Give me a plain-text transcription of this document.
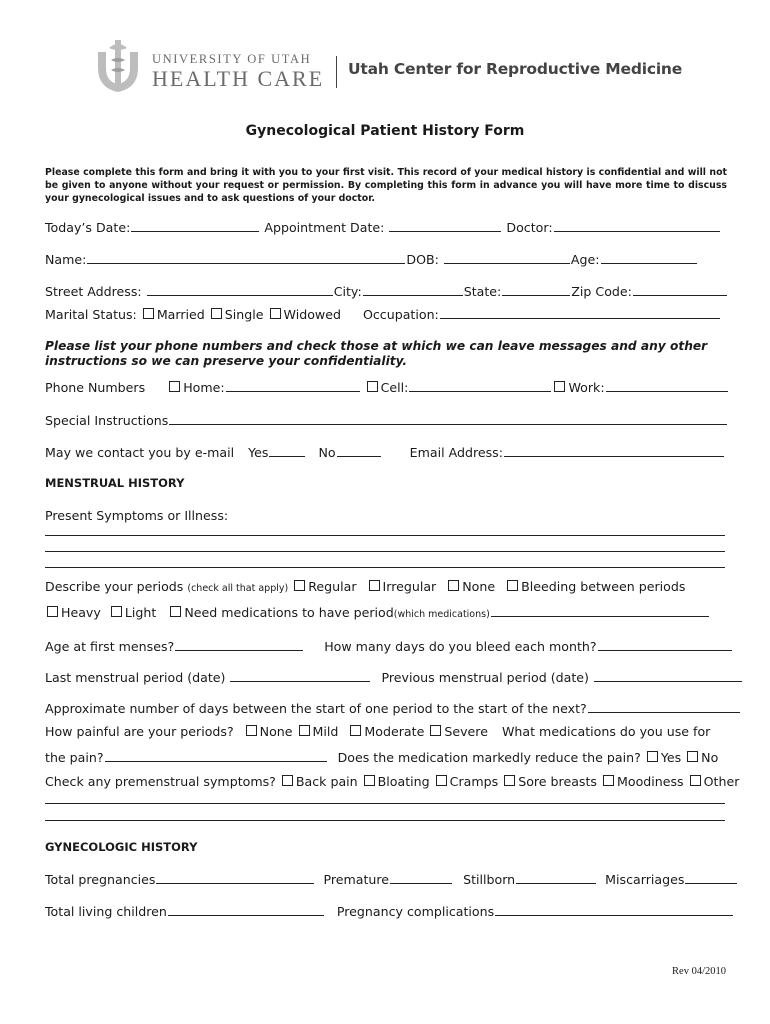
UNIVERSITY OF UTAH
HEALTH CARE Utah Center for Reproductive Medicine
Gynecological Patient History Form
Please complete this form and bring it with you to your first visit. This record of your medical history is confidential and will not be given to anyone without your request or permission. By completing this form in advance you will have more time to discuss your gynecological issues and to ask questions of your doctor.
Today’s Date:	Appointment Date:	Doctor:
Name:	DOB:	Age:
Street Address:	City:	State:	Zip Code:
Marital Status: Married Single Widowed Occupation:
Please list your phone numbers and check those at which we can leave messages and any other instructions so we can preserve your confidentiality.
Phone Numbers	Home:	Cell:	Work:
Special Instructions
May we contact you by e-mail Yes	No	Email Address:
MENSTRUAL HISTORY
Present Symptoms or Illness:
Describe your periods (check all that apply) Regular Irregular None Bleeding between periods
Heavy Light Need medications to have period(which medications)
Age at first menses?	How many days do you bleed each month?
Last menstrual period (date)	Previous menstrual period (date)
Approximate number of days between the start of one period to the start of the next?
How painful are your periods? None Mild Moderate Severe What medications do you use for
the pain?	Does the medication markedly reduce the pain? Yes No
Check any premenstrual symptoms? Back pain Bloating Cramps Sore breasts Moodiness Other
GYNECOLOGIC HISTORY
Total pregnancies	Premature	Stillborn	Miscarriages
Total living children	Pregnancy complications
Rev 04/2010
